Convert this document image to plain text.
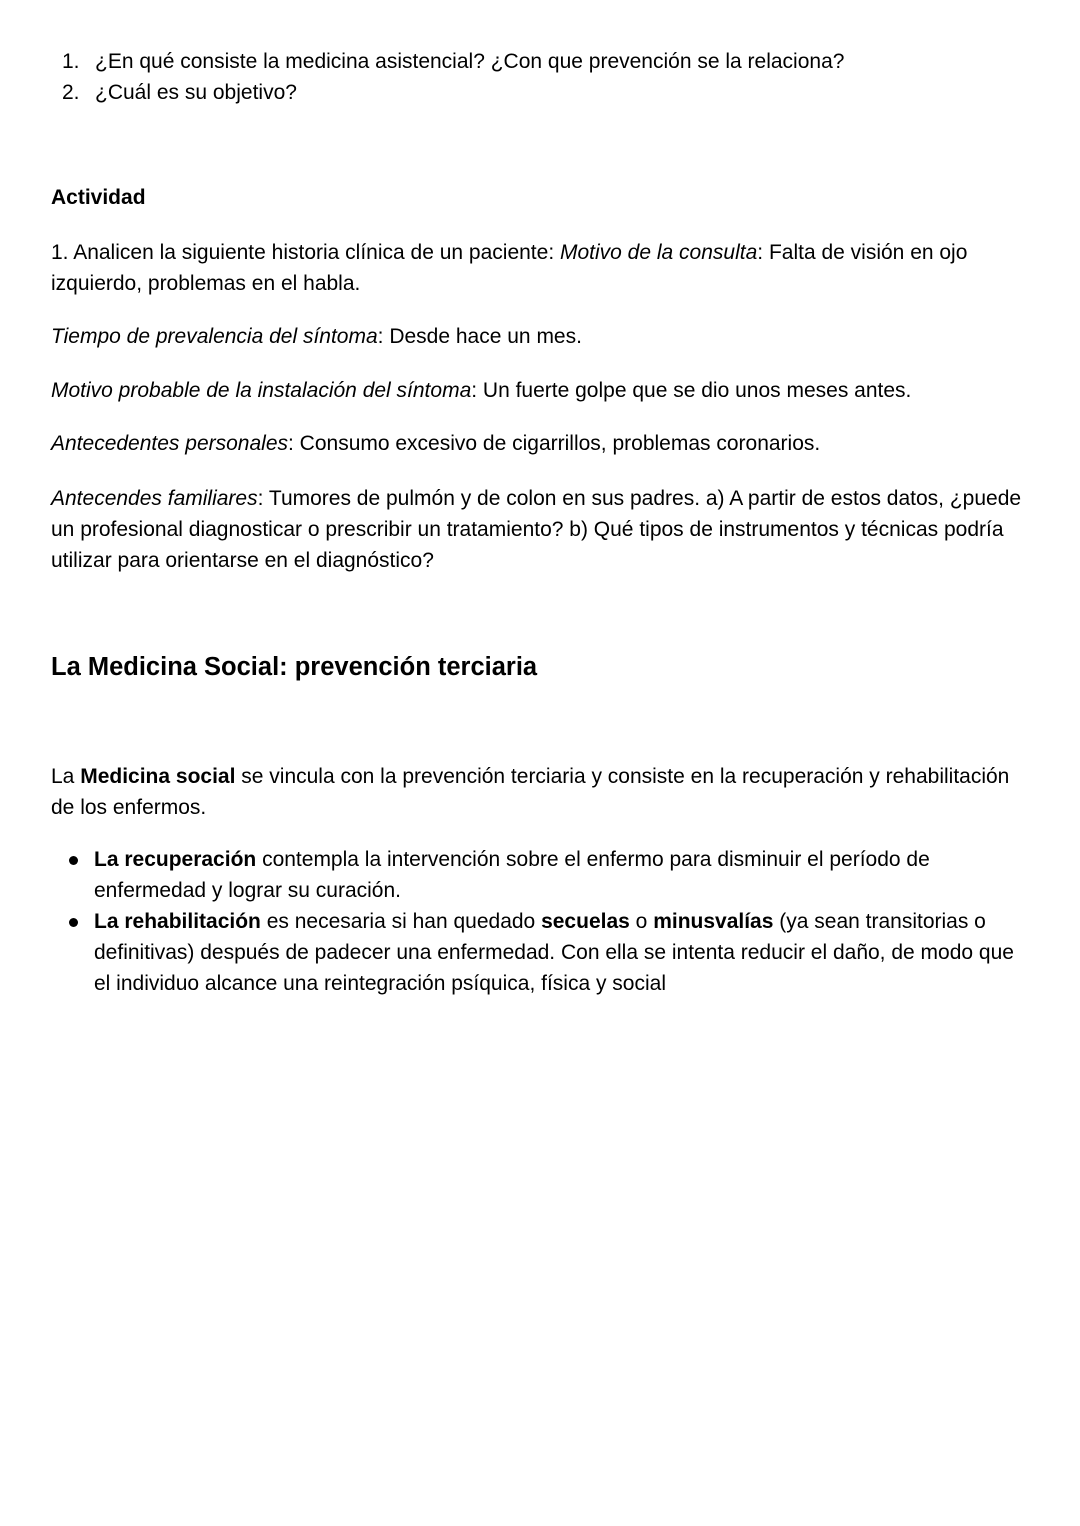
1. ¿En qué consiste la medicina asistencial? ¿Con que prevención se la relaciona?
2. ¿Cuál es su objetivo?
Actividad

1. Analicen la siguiente historia clínica de un paciente: Motivo de la consulta: Falta de visión en ojo izquierdo, problemas en el habla.

Tiempo de prevalencia del síntoma: Desde hace un mes.

Motivo probable de la instalación del síntoma: Un fuerte golpe que se dio unos meses antes.

Antecedentes personales: Consumo excesivo de cigarrillos, problemas coronarios.

Antecendes familiares: Tumores de pulmón y de colon en sus padres. a) A partir de estos datos, ¿puede un profesional diagnosticar o prescribir un tratamiento? b) Qué tipos de instrumentos y técnicas podría utilizar para orientarse en el diagnóstico?

La Medicina Social: prevención terciaria

La Medicina social se vincula con la prevención terciaria y consiste en la recuperación y rehabilitación de los enfermos.

La recuperación contempla la intervención sobre el enfermo para disminuir el período de enfermedad y lograr su curación.
La rehabilitación es necesaria si han quedado secuelas o minusvalías (ya sean transitorias o definitivas) después de padecer una enfermedad. Con ella se intenta reducir el daño, de modo que el individuo alcance una reintegración psíquica, física y social
